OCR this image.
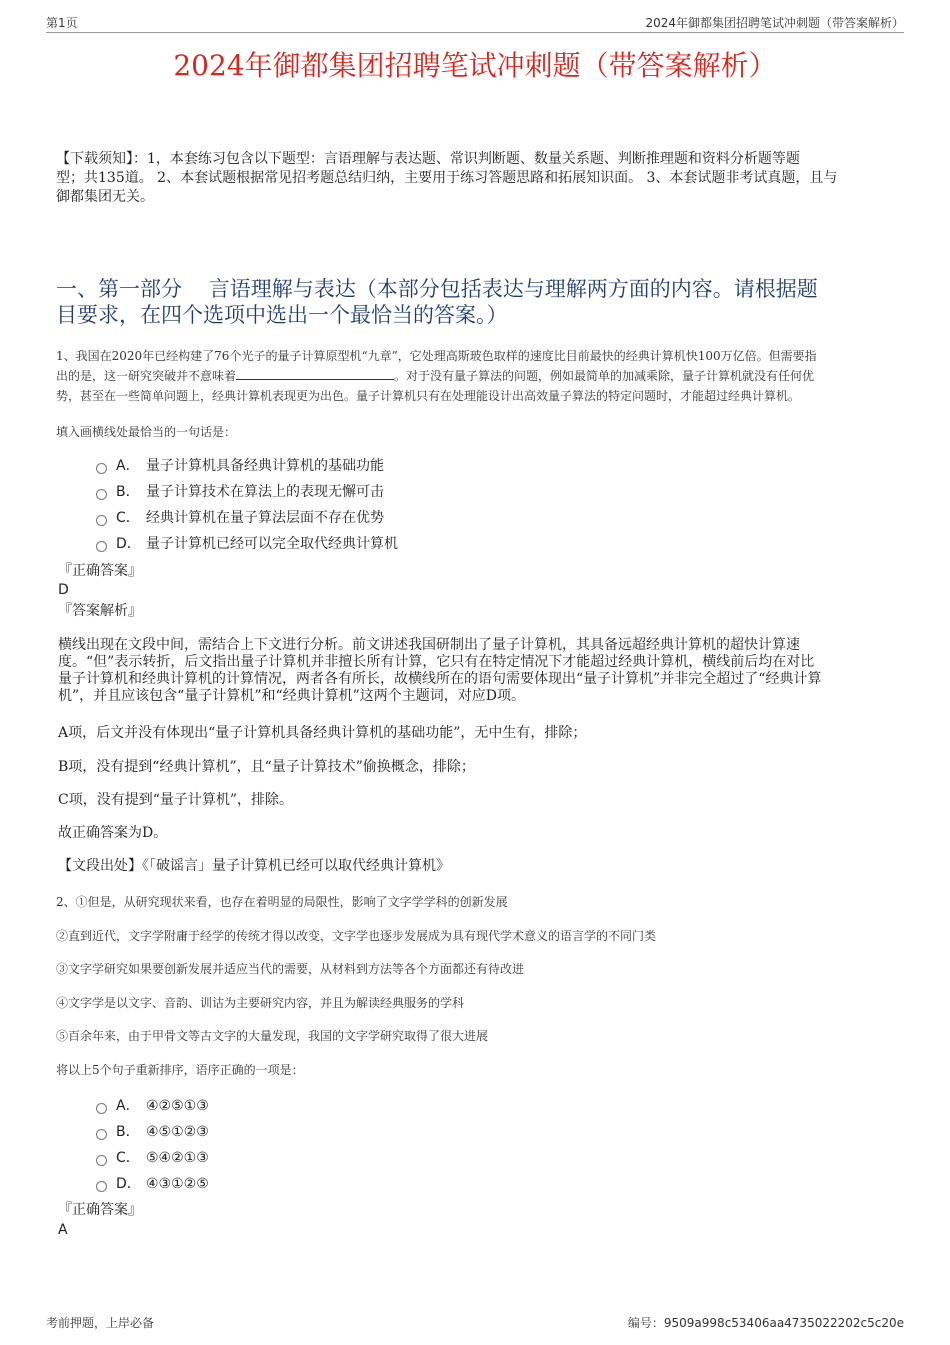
第1页	2024年御都集团招聘笔试冲刺题（带答案解析）
2024年御都集团招聘笔试冲刺题（带答案解析）
【下载须知】：1，本套练习包含以下题型：言语理解与表达题、常识判断题、数量关系题、判断推理题和资料分析题等题
型；共135道。 2、本套试题根据常见招考题总结归纳，主要用于练习答题思路和拓展知识面。 3、本套试题非考试真题，且与
御都集团无关。
一、第一部分    言语理解与表达（本部分包括表达与理解两方面的内容。请根据题
目要求，在四个选项中选出一个最恰当的答案。）
1、我国在2020年已经构建了76个光子的量子计算原型机“九章”，它处理高斯玻色取样的速度比目前最快的经典计算机快100万亿倍。但需要指
出的是，这一研究突破并不意味着	。对于没有量子算法的问题，例如最简单的加减乘除，量子计算机就没有任何优
势，甚至在一些简单问题上，经典计算机表现更为出色。量子计算机只有在处理能设计出高效量子算法的特定问题时，才能超过经典计算机。
填入画横线处最恰当的一句话是：
A． 量子计算机具备经典计算机的基础功能
B． 量子计算技术在算法上的表现无懈可击
C． 经典计算机在量子算法层面不存在优势
D． 量子计算机已经可以完全取代经典计算机
『正确答案』
D
『答案解析』
横线出现在文段中间，需结合上下文进行分析。前文讲述我国研制出了量子计算机，其具备远超经典计算机的超快计算速
度。“但”表示转折，后文指出量子计算机并非擅长所有计算，它只有在特定情况下才能超过经典计算机，横线前后均在对比
量子计算机和经典计算机的计算情况，两者各有所长，故横线所在的语句需要体现出“量子计算机”并非完全超过了“经典计算
机”，并且应该包含“量子计算机”和“经典计算机”这两个主题词，对应D项。
A项，后文并没有体现出“量子计算机具备经典计算机的基础功能”，无中生有，排除；
B项，没有提到“经典计算机”，且“量子计算技术”偷换概念，排除；
C项，没有提到“量子计算机”，排除。
故正确答案为D。
【文段出处】《「破谣言」量子计算机已经可以取代经典计算机》
2、①但是，从研究现状来看，也存在着明显的局限性，影响了文字学学科的创新发展
②直到近代，文字学附庸于经学的传统才得以改变，文字学也逐步发展成为具有现代学术意义的语言学的不同门类
③文字学研究如果要创新发展并适应当代的需要，从材料到方法等各个方面都还有待改进
④文字学是以文字、音韵、训诂为主要研究内容，并且为解读经典服务的学科
⑤百余年来，由于甲骨文等古文字的大量发现，我国的文字学研究取得了很大进展
将以上5个句子重新排序，语序正确的一项是：
A． ④②⑤①③
B． ④⑤①②③
C． ⑤④②①③
D． ④③①②⑤
『正确答案』
A
考前押题，上岸必备	编号：9509a998c53406aa4735022202c5c20e
